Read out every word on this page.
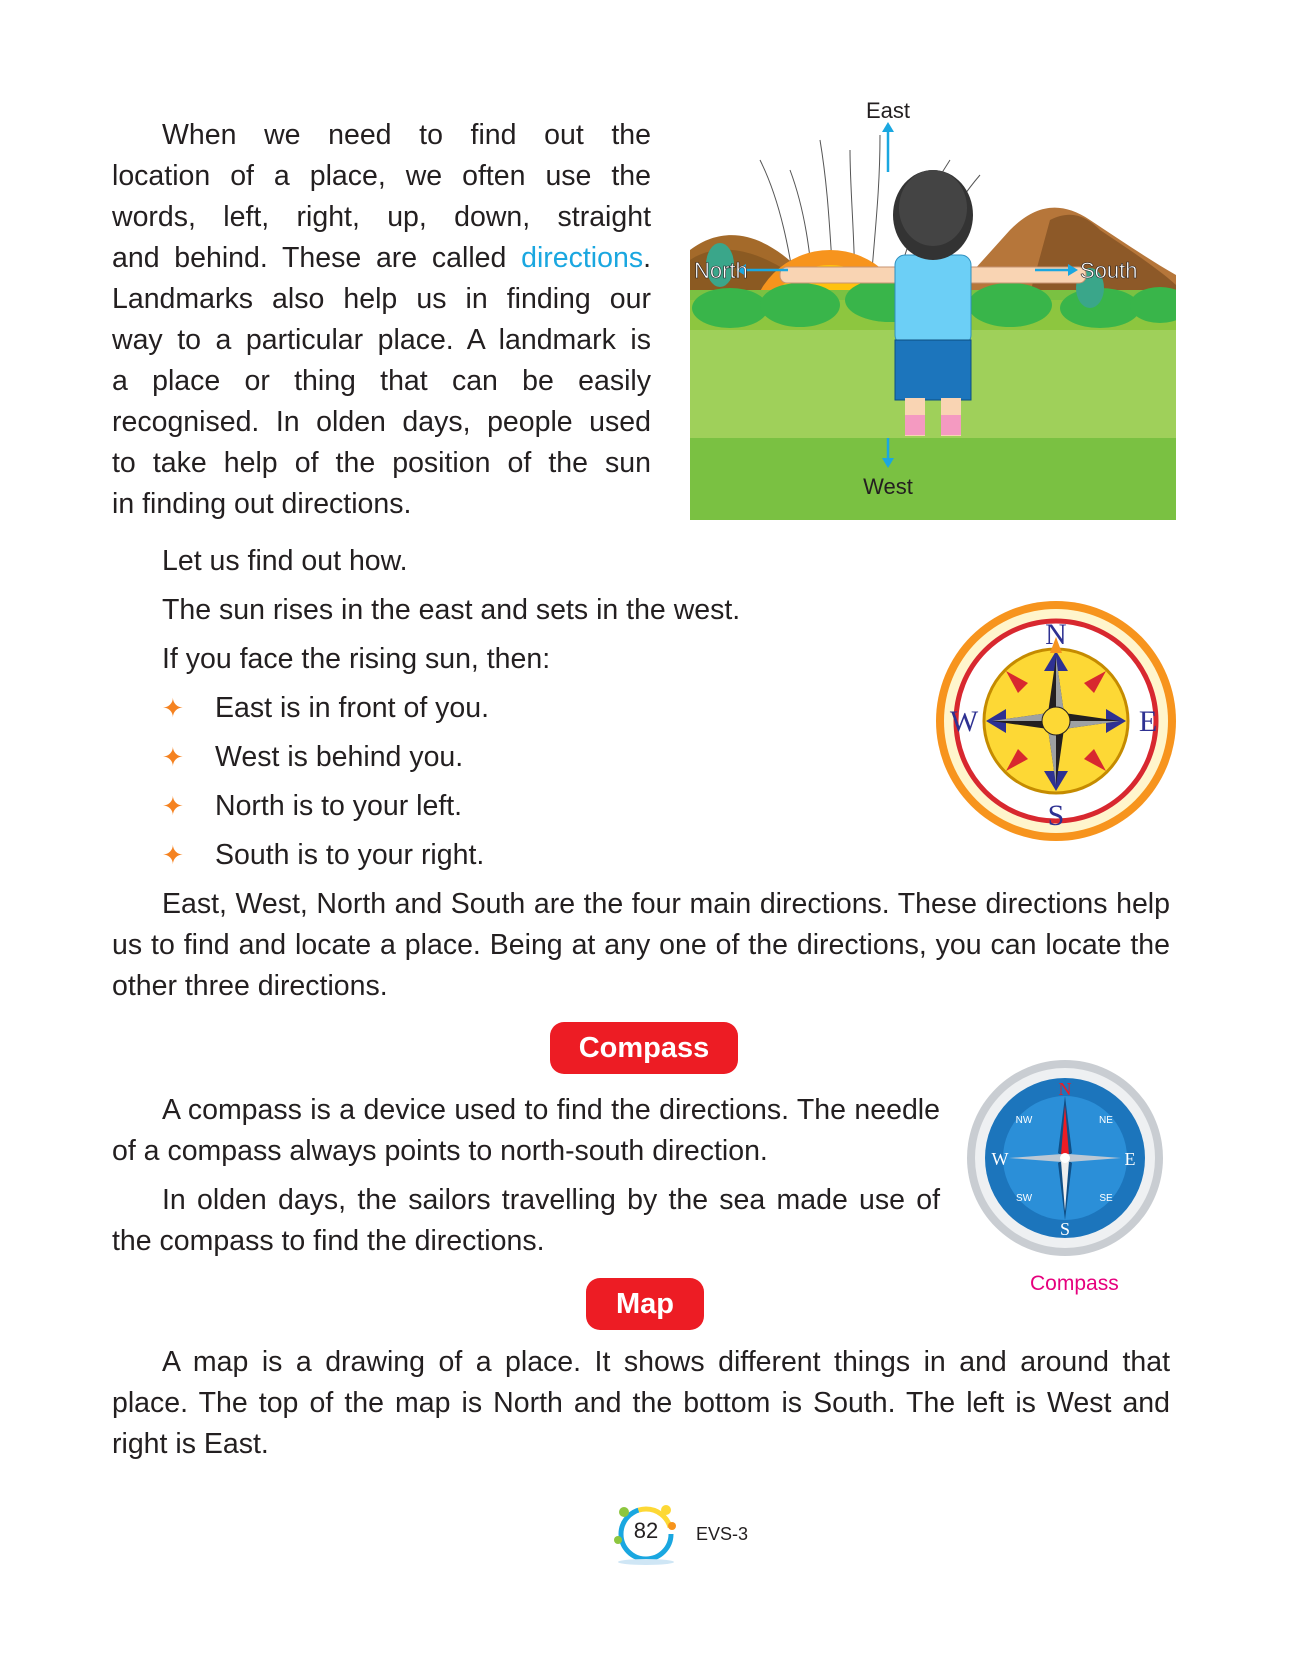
When we need to find out the
location of a place, we often use the
words, left, right, up, down, straight
and behind. These are called directions.
Landmarks also help us in finding our
way to a particular place. A landmark is
a place or thing that can be easily
recognised. In olden days, people used
to take help of the position of the sun
in finding out directions.
East
West
North	South
Let us find out how.
The sun rises in the east and sets in the west.
If you face the rising sun, then:
✦ East is in front of you.
✦ West is behind you.
✦ North is to your left.
✦ South is to your right.
N
S
W	E
East, West, North and South are the four main directions. These directions help us to find and locate a place. Being at any one of the directions, you can locate the other three directions.
Compass
A compass is a device used to find the directions. The needle of a compass always points to north-south direction.
In olden days, the sailors travelling by the sea made use of the compass to find the directions.
N
S
W	E
NW	NE
SW	SE
Compass
Map
A map is a drawing of a place. It shows different things in and around that place. The top of the map is North and the bottom is South. The left is West and right is East.
82	EVS-3
